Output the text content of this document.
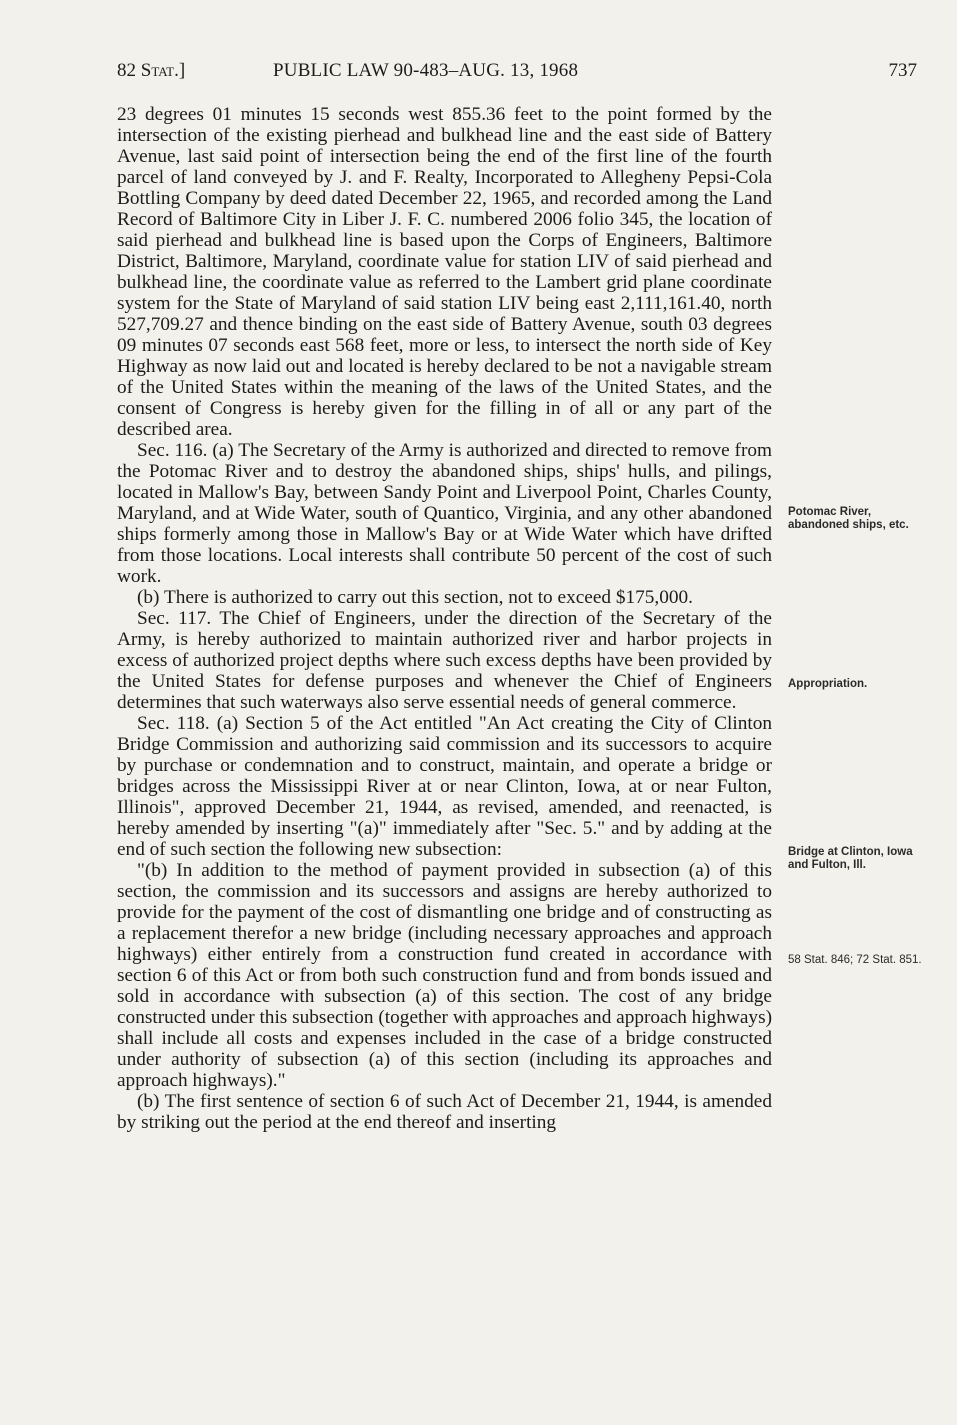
82 Stat.]	PUBLIC LAW 90-483–AUG. 13, 1968	737

23 degrees 01 minutes 15 seconds west 855.36 feet to the point formed by the intersection of the existing pierhead and bulkhead line and the east side of Battery Avenue, last said point of intersection being the end of the first line of the fourth parcel of land conveyed by J. and F. Realty, Incorporated to Allegheny Pepsi-Cola Bottling Company by deed dated December 22, 1965, and recorded among the Land Record of Baltimore City in Liber J. F. C. numbered 2006 folio 345, the location of said pierhead and bulkhead line is based upon the Corps of Engineers, Baltimore District, Baltimore, Maryland, coordinate value for station LIV of said pierhead and bulkhead line, the coordinate value as referred to the Lambert grid plane coordinate system for the State of Maryland of said station LIV being east 2,111,161.40, north 527,709.27 and thence binding on the east side of Battery Avenue, south 03 degrees 09 minutes 07 seconds east 568 feet, more or less, to intersect the north side of Key Highway as now laid out and located is hereby declared to be not a navigable stream of the United States within the meaning of the laws of the United States, and the consent of Congress is hereby given for the filling in of all or any part of the described area.

Sec. 116. (a) The Secretary of the Army is authorized and directed to remove from the Potomac River and to destroy the abandoned ships, ships' hulls, and pilings, located in Mallow's Bay, between Sandy Point and Liverpool Point, Charles County, Maryland, and at Wide Water, south of Quantico, Virginia, and any other abandoned ships formerly among those in Mallow's Bay or at Wide Water which have drifted from those locations. Local interests shall contribute 50 percent of the cost of such work.

(b) There is authorized to carry out this section, not to exceed $175,000.

Sec. 117. The Chief of Engineers, under the direction of the Secretary of the Army, is hereby authorized to maintain authorized river and harbor projects in excess of authorized project depths where such excess depths have been provided by the United States for defense purposes and whenever the Chief of Engineers determines that such waterways also serve essential needs of general commerce.

Sec. 118. (a) Section 5 of the Act entitled "An Act creating the City of Clinton Bridge Commission and authorizing said commission and its successors to acquire by purchase or condemnation and to construct, maintain, and operate a bridge or bridges across the Mississippi River at or near Clinton, Iowa, at or near Fulton, Illinois", approved December 21, 1944, as revised, amended, and reenacted, is hereby amended by inserting "(a)" immediately after "Sec. 5." and by adding at the end of such section the following new subsection:

"(b) In addition to the method of payment provided in subsection (a) of this section, the commission and its successors and assigns are hereby authorized to provide for the payment of the cost of dismantling one bridge and of constructing as a replacement therefor a new bridge (including necessary approaches and approach highways) either entirely from a construction fund created in accordance with section 6 of this Act or from both such construction fund and from bonds issued and sold in accordance with subsection (a) of this section. The cost of any bridge constructed under this subsection (together with approaches and approach highways) shall include all costs and expenses included in the case of a bridge constructed under authority of subsection (a) of this section (including its approaches and approach highways)."

(b) The first sentence of section 6 of such Act of December 21, 1944, is amended by striking out the period at the end thereof and inserting

Potomac River, abandoned ships, etc.
Appropriation.
Bridge at Clinton, Iowa and Fulton, Ill.
58 Stat. 846; 72 Stat. 851.
